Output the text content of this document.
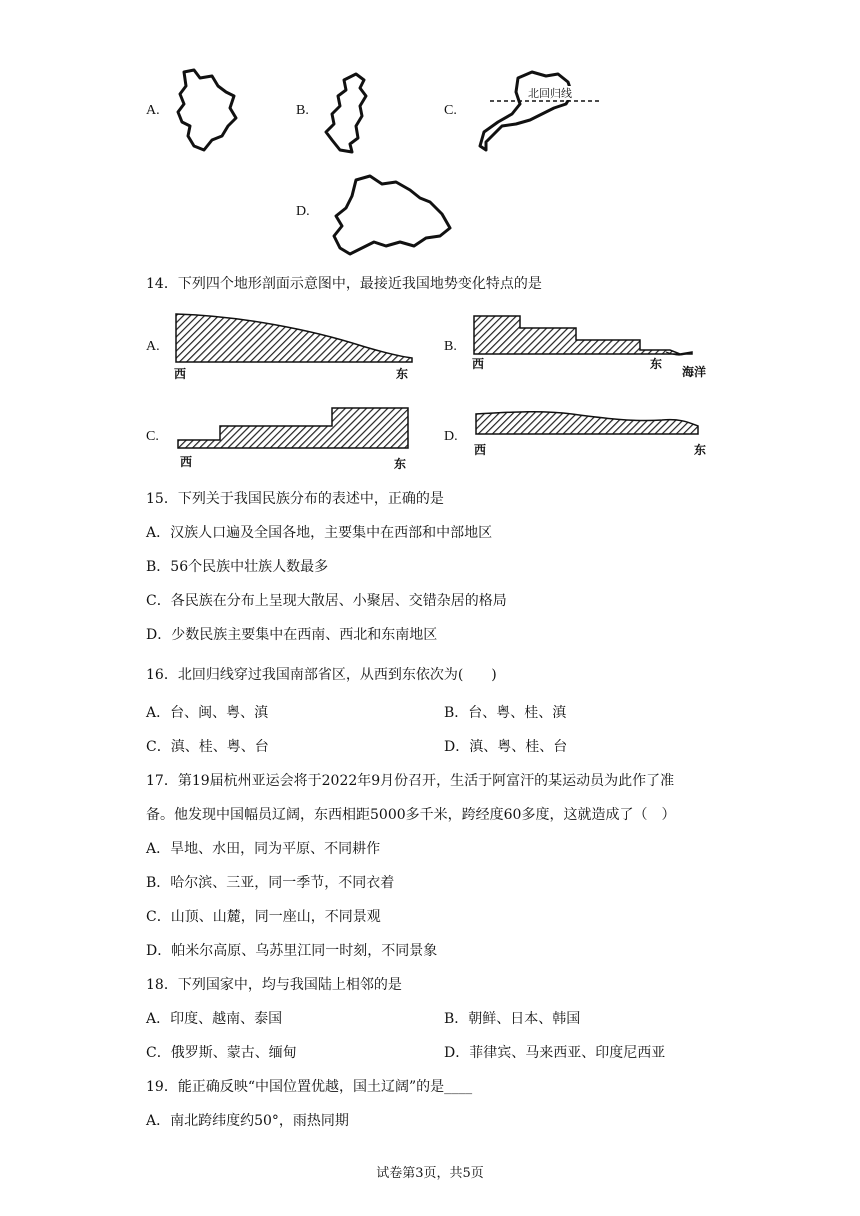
A.	B.	C.
北回归线
D.
14．下列四个地形剖面示意图中，最接近我国地势变化特点的是
A.
西	东
B.
西	东
海洋
C.
西	东
D.
西	东
15．下列关于我国民族分布的表述中，正确的是
A．汉族人口遍及全国各地，主要集中在西部和中部地区
B．56个民族中壮族人数最多
C．各民族在分布上呈现大散居、小聚居、交错杂居的格局
D．少数民族主要集中在西南、西北和东南地区
16．北回归线穿过我国南部省区，从西到东依次为(　　)
A．台、闽、粤、滇	B．台、粤、桂、滇
C．滇、桂、粤、台	D．滇、粤、桂、台
17．第19届杭州亚运会将于2022年9月份召开，生活于阿富汗的某运动员为此作了准
备。他发现中国幅员辽阔，东西相距5000多千米，跨经度60多度，这就造成了（　）
A．旱地、水田，同为平原、不同耕作
B．哈尔滨、三亚，同一季节，不同衣着
C．山顶、山麓，同一座山，不同景观
D．帕米尔高原、乌苏里江同一时刻，不同景象
18．下列国家中，均与我国陆上相邻的是
A．印度、越南、泰国	B．朝鲜、日本、韩国
C．俄罗斯、蒙古、缅甸	D．菲律宾、马来西亚、印度尼西亚
19．能正确反映“中国位置优越，国土辽阔”的是____
A．南北跨纬度约50°，雨热同期
试卷第3页，共5页
